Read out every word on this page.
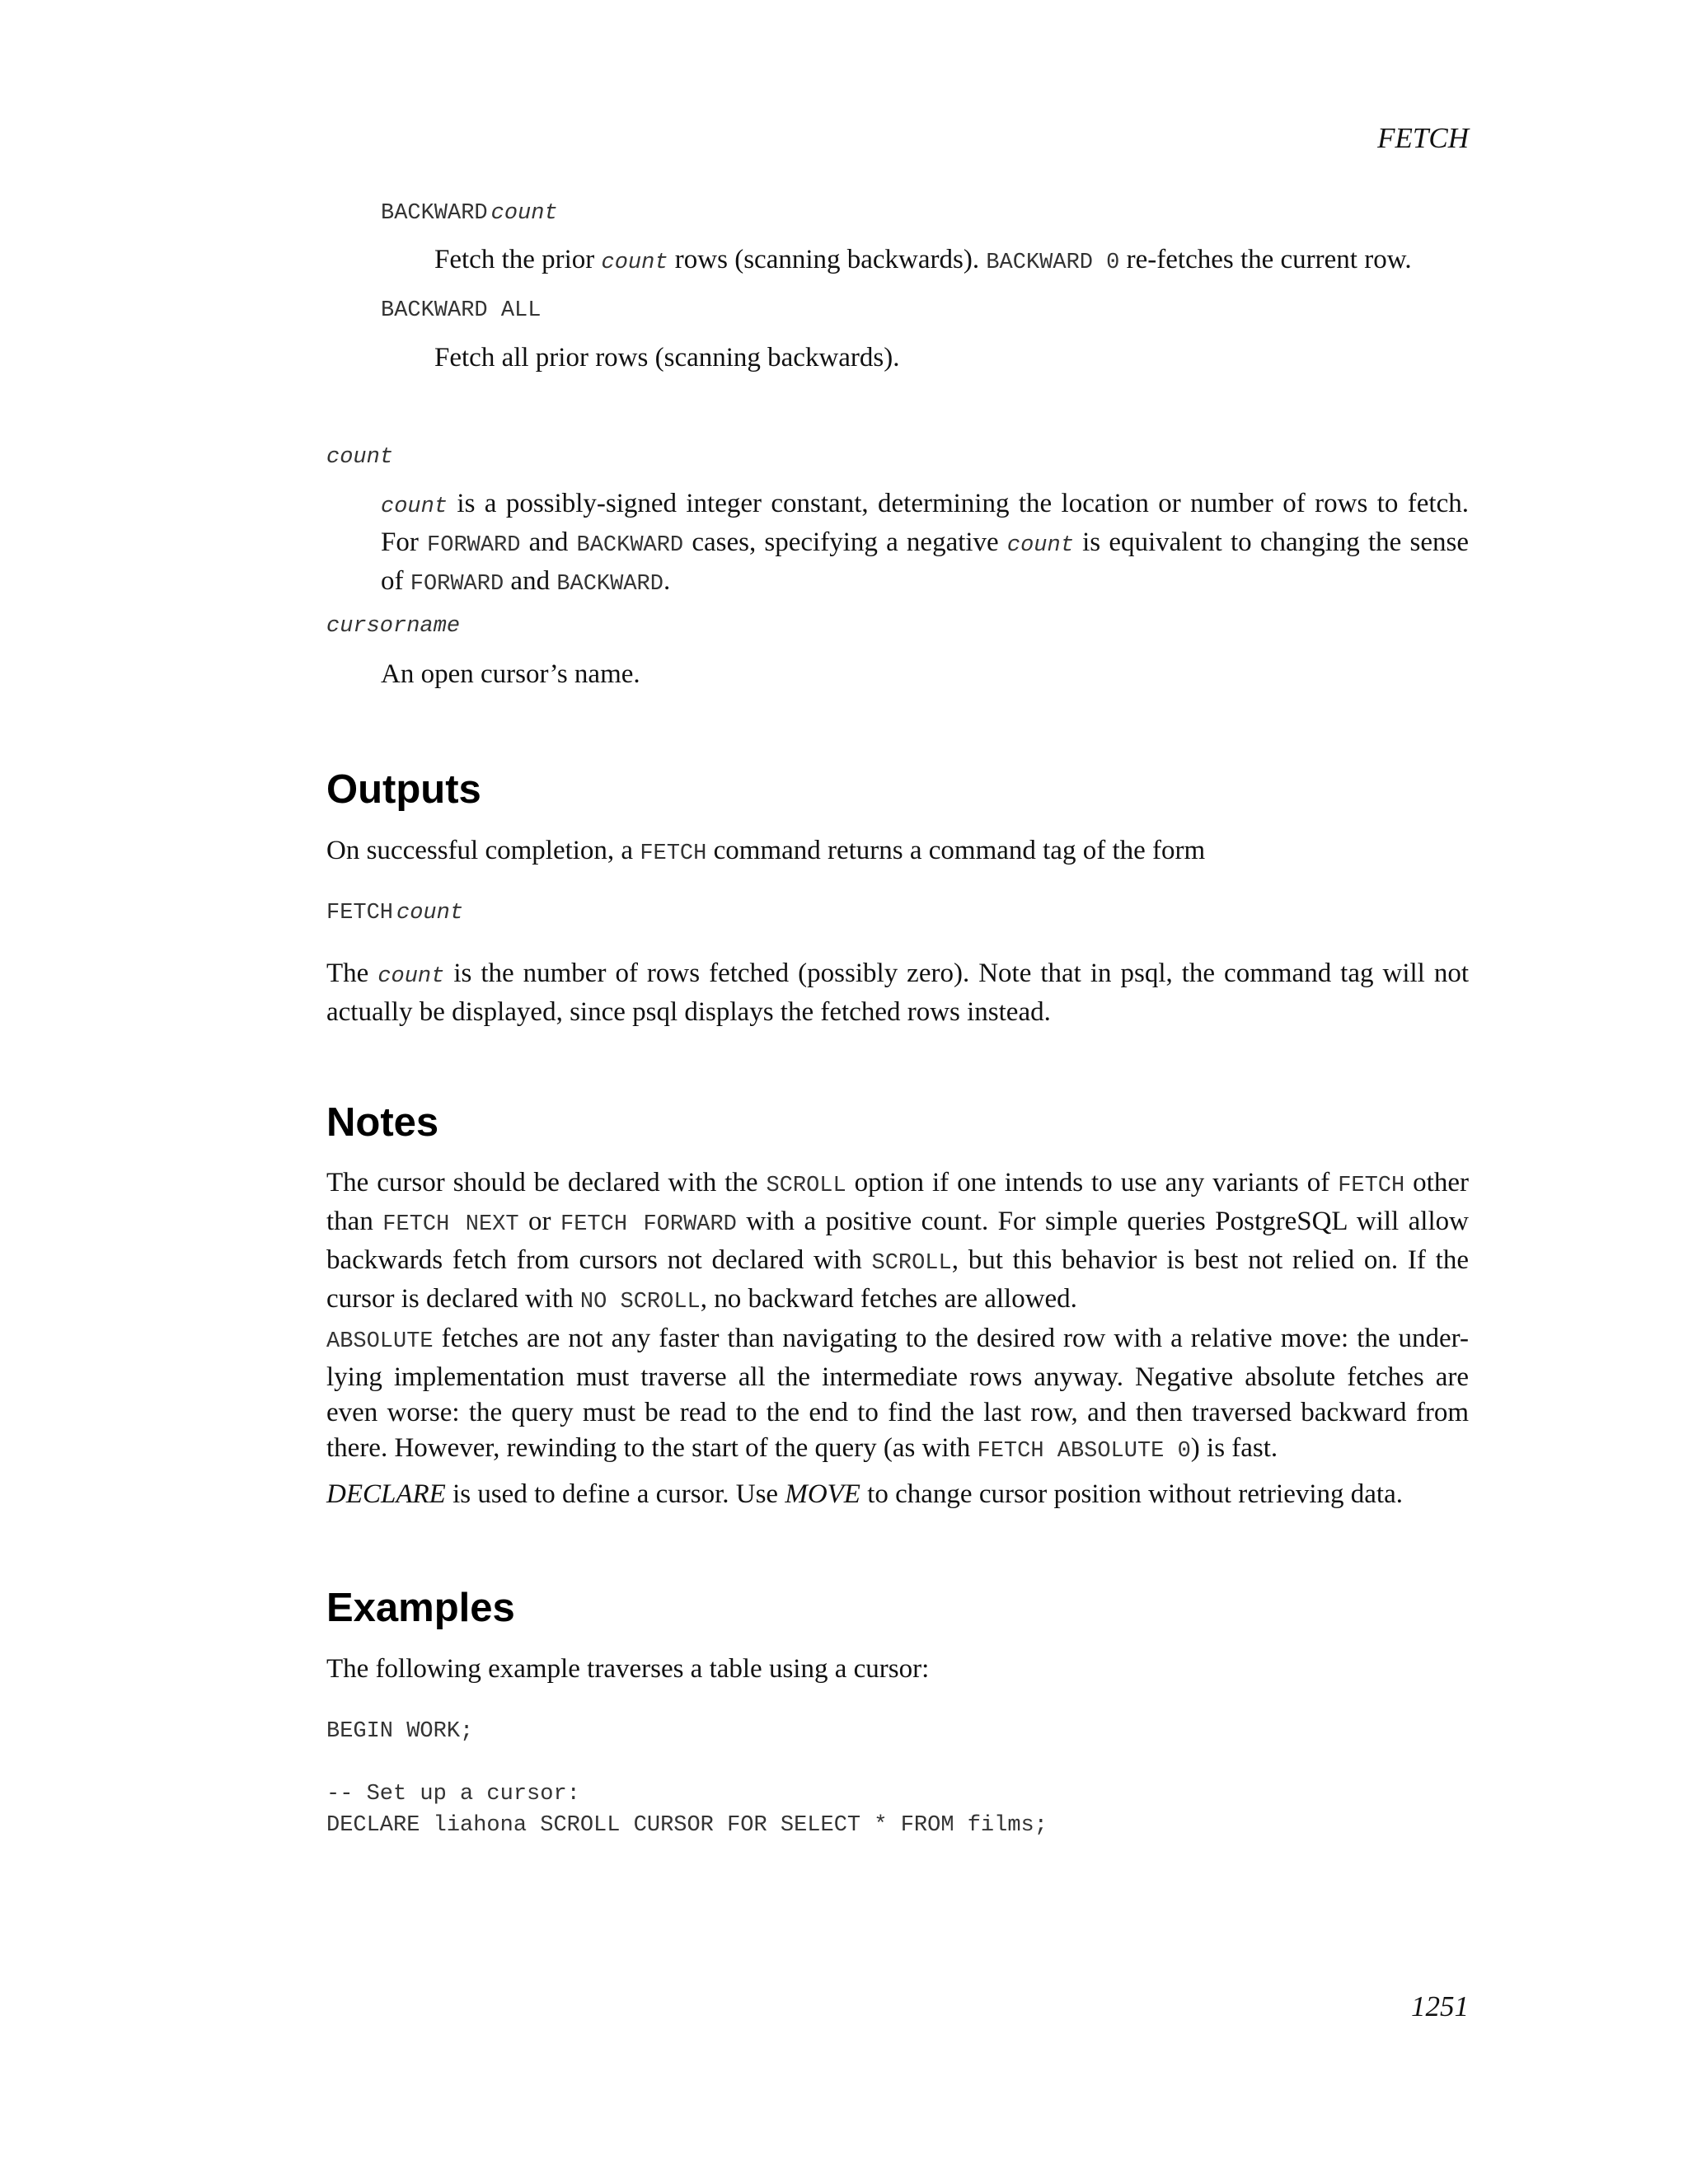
FETCH
BACKWARD count

Fetch the prior count rows (scanning backwards). BACKWARD 0 re-fetches the current row.

BACKWARD ALL

Fetch all prior rows (scanning backwards).

count

count is a possibly-signed integer constant, determining the location or number of rows to fetch. For FORWARD and BACKWARD cases, specifying a negative count is equivalent to changing the sense of FORWARD and BACKWARD.

cursorname

An open cursor’s name.

Outputs

On successful completion, a FETCH command returns a command tag of the form

FETCH count

The count is the number of rows fetched (possibly zero). Note that in psql, the command tag will not actually be displayed, since psql displays the fetched rows instead.

Notes

The cursor should be declared with the SCROLL option if one intends to use any variants of FETCH other than FETCH NEXT or FETCH FORWARD with a positive count. For simple queries PostgreSQL will allow backwards fetch from cursors not declared with SCROLL, but this behavior is best not relied on. If the cursor is declared with NO SCROLL, no backward fetches are allowed.

ABSOLUTE fetches are not any faster than navigating to the desired row with a relative move: the under-lying implementation must traverse all the intermediate rows anyway. Negative absolute fetches are even worse: the query must be read to the end to find the last row, and then traversed backward from there. However, rewinding to the start of the query (as with FETCH ABSOLUTE 0) is fast.

DECLARE is used to define a cursor. Use MOVE to change cursor position without retrieving data.

Examples

The following example traverses a table using a cursor:

BEGIN WORK;
-- Set up a cursor:
DECLARE liahona SCROLL CURSOR FOR SELECT * FROM films;
1251
